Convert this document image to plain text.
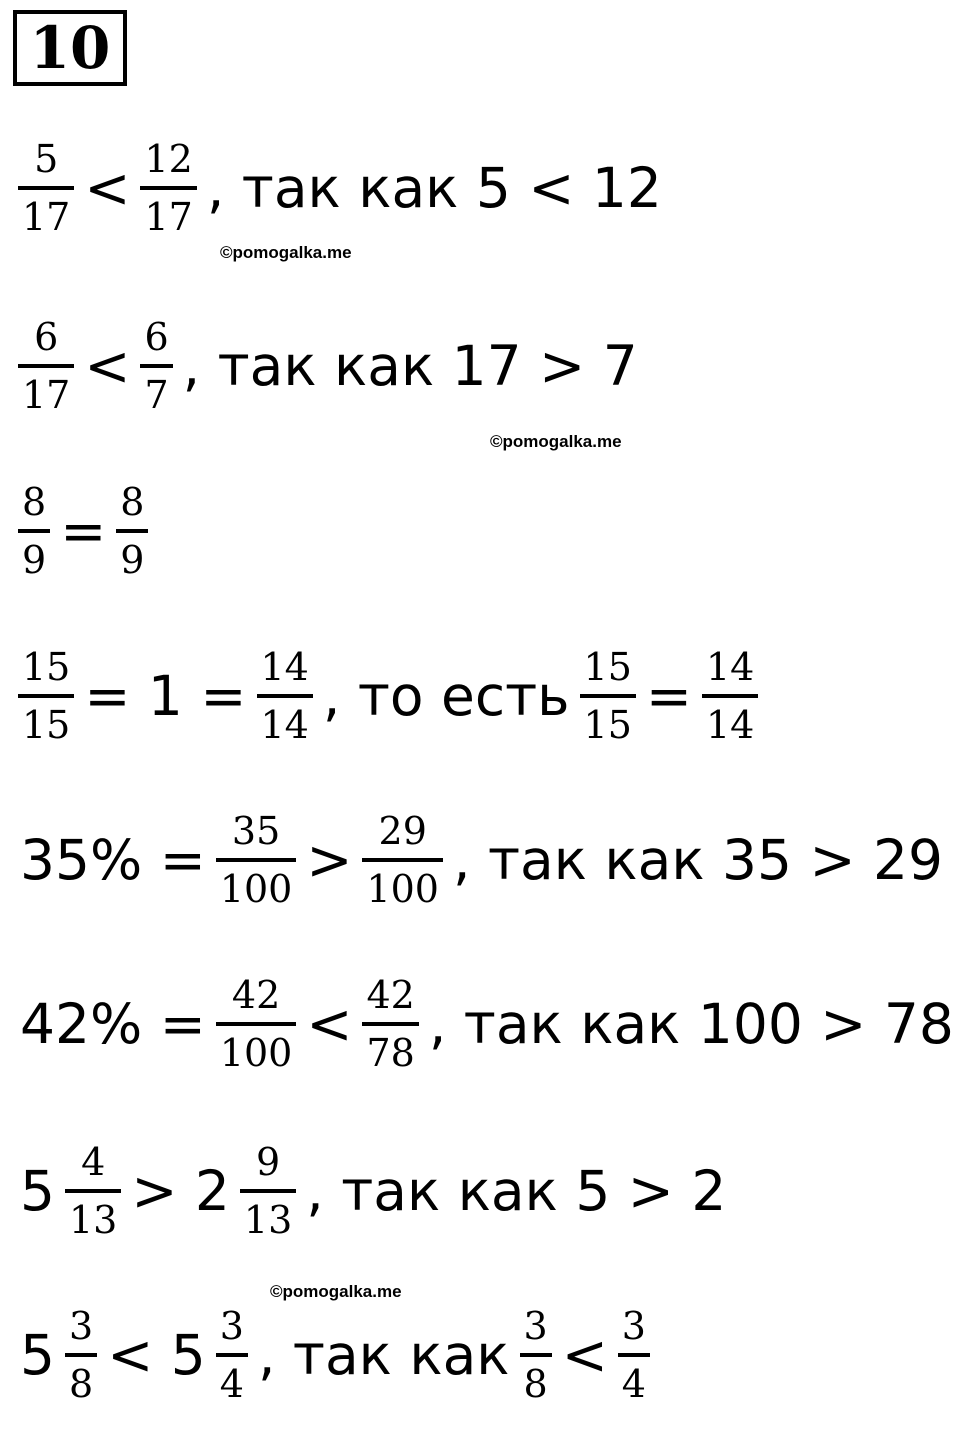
10
$\frac{5}{17} < \frac{12}{17}$ , так как 5 < 12
$\frac{6}{17} < \frac{6}{7}$ , так как 17 > 7
$\frac{8}{9} = \frac{8}{9}$
$\frac{15}{15} = 1 = \frac{14}{14}$ , то есть $\frac{15}{15} = \frac{14}{14}$
$35\% = \frac{35}{100} > \frac{29}{100}$ , так как 35 > 29
$42\% = \frac{42}{100} < \frac{42}{78}$ , так как 100 > 78
$5 \frac{4}{13} > 2 \frac{9}{13}$ , так как 5 > 2
$5 \frac{3}{8} < 5 \frac{3}{4}$ , так как $\frac{3}{8} < \frac{3}{4}$
©pomogalka.me
©pomogalka.me
©pomogalka.me
